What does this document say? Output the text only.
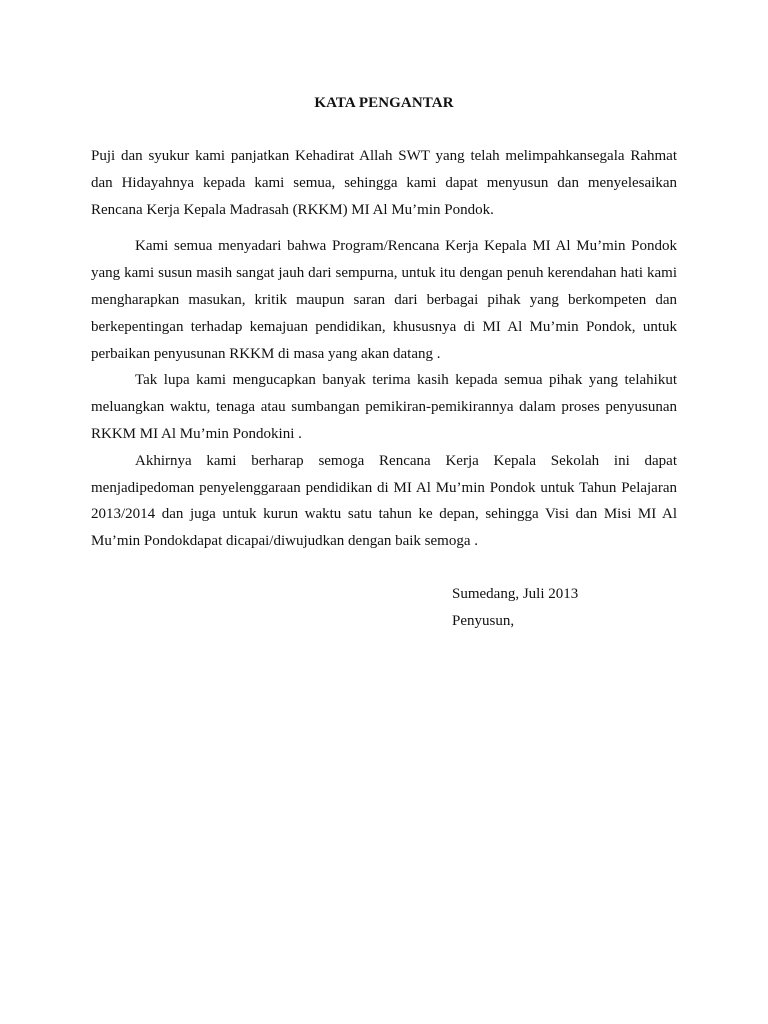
KATA PENGANTAR

Puji dan syukur kami panjatkan Kehadirat Allah SWT yang telah melimpahkansegala Rahmat dan Hidayahnya kepada kami semua, sehingga kami dapat menyusun dan menyelesaikan Rencana Kerja Kepala Madrasah (RKKM) MI Al Mu’min Pondok.

Kami semua menyadari bahwa Program/Rencana Kerja Kepala MI Al Mu’min Pondok yang kami susun masih sangat jauh dari sempurna, untuk itu dengan penuh kerendahan hati kami mengharapkan masukan, kritik maupun saran dari berbagai pihak yang berkompeten dan berkepentingan terhadap kemajuan pendidikan, khususnya di MI Al Mu’min Pondok, untuk perbaikan penyusunan RKKM di masa yang akan datang .

Tak lupa kami mengucapkan banyak terima kasih kepada semua pihak yang telahikut meluangkan waktu, tenaga atau sumbangan pemikiran-pemikirannya dalam proses penyusunan RKKM MI Al Mu’min Pondokini .

Akhirnya kami berharap semoga Rencana Kerja Kepala Sekolah ini dapat menjadipedoman penyelenggaraan pendidikan di MI Al Mu’min Pondok untuk Tahun Pelajaran 2013/2014 dan juga untuk kurun waktu satu tahun ke depan, sehingga Visi dan Misi MI Al Mu’min Pondokdapat dicapai/diwujudkan dengan baik semoga .

Sumedang, Juli 2013
Penyusun,
